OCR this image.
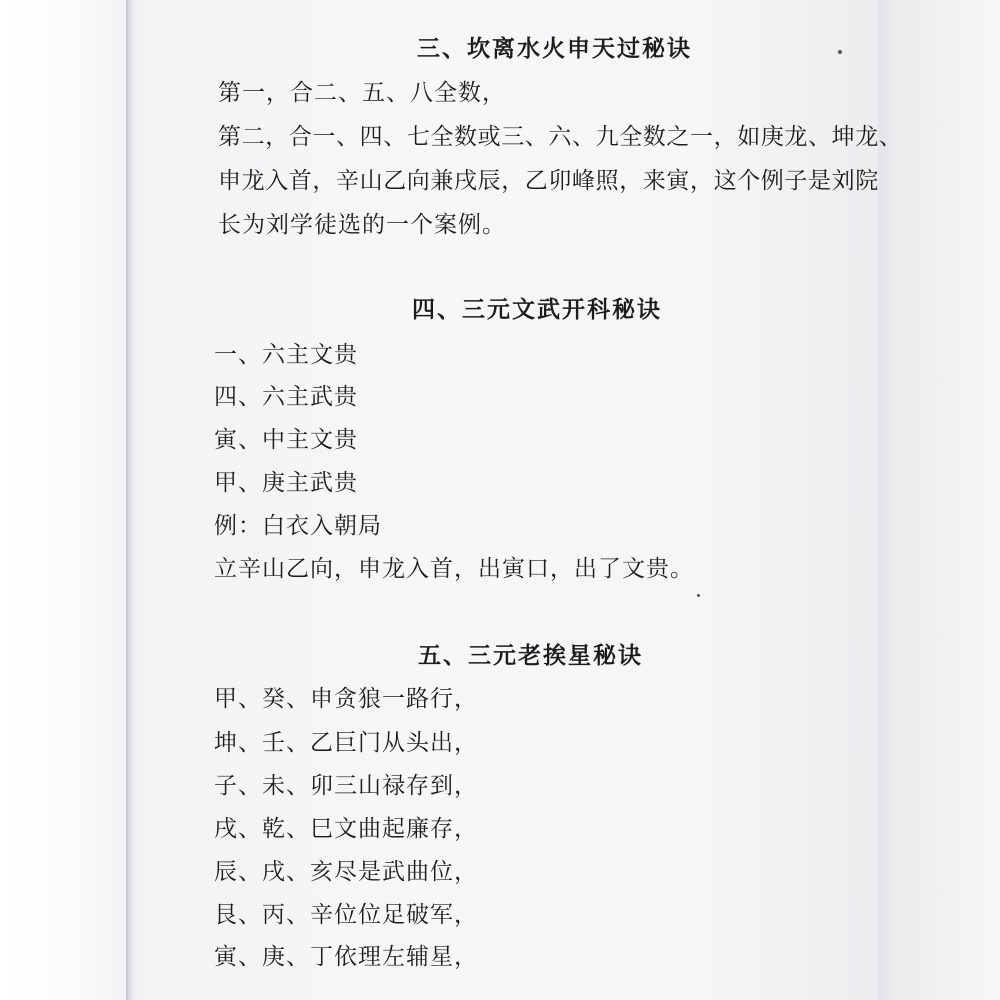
三、坎离水火申天过秘诀
第一，合二、五、八全数，
第二，合一、四、七全数或三、六、九全数之一，如庚龙、坤龙、
申龙入首，辛山乙向兼戌辰，乙卯峰照，来寅，这个例子是刘院
长为刘学徒选的一个案例。
四、三元文武开科秘诀
一、六主文贵
四、六主武贵
寅、中主文贵
甲、庚主武贵
例：白衣入朝局
立辛山乙向，申龙入首，出寅口，出了文贵。
五、三元老挨星秘诀
甲、癸、申贪狼一路行，
坤、壬、乙巨门从头出，
子、未、卯三山禄存到，
戌、乾、巳文曲起廉存，
辰、戌、亥尽是武曲位，
艮、丙、辛位位足破军，
寅、庚、丁依理左辅星，
